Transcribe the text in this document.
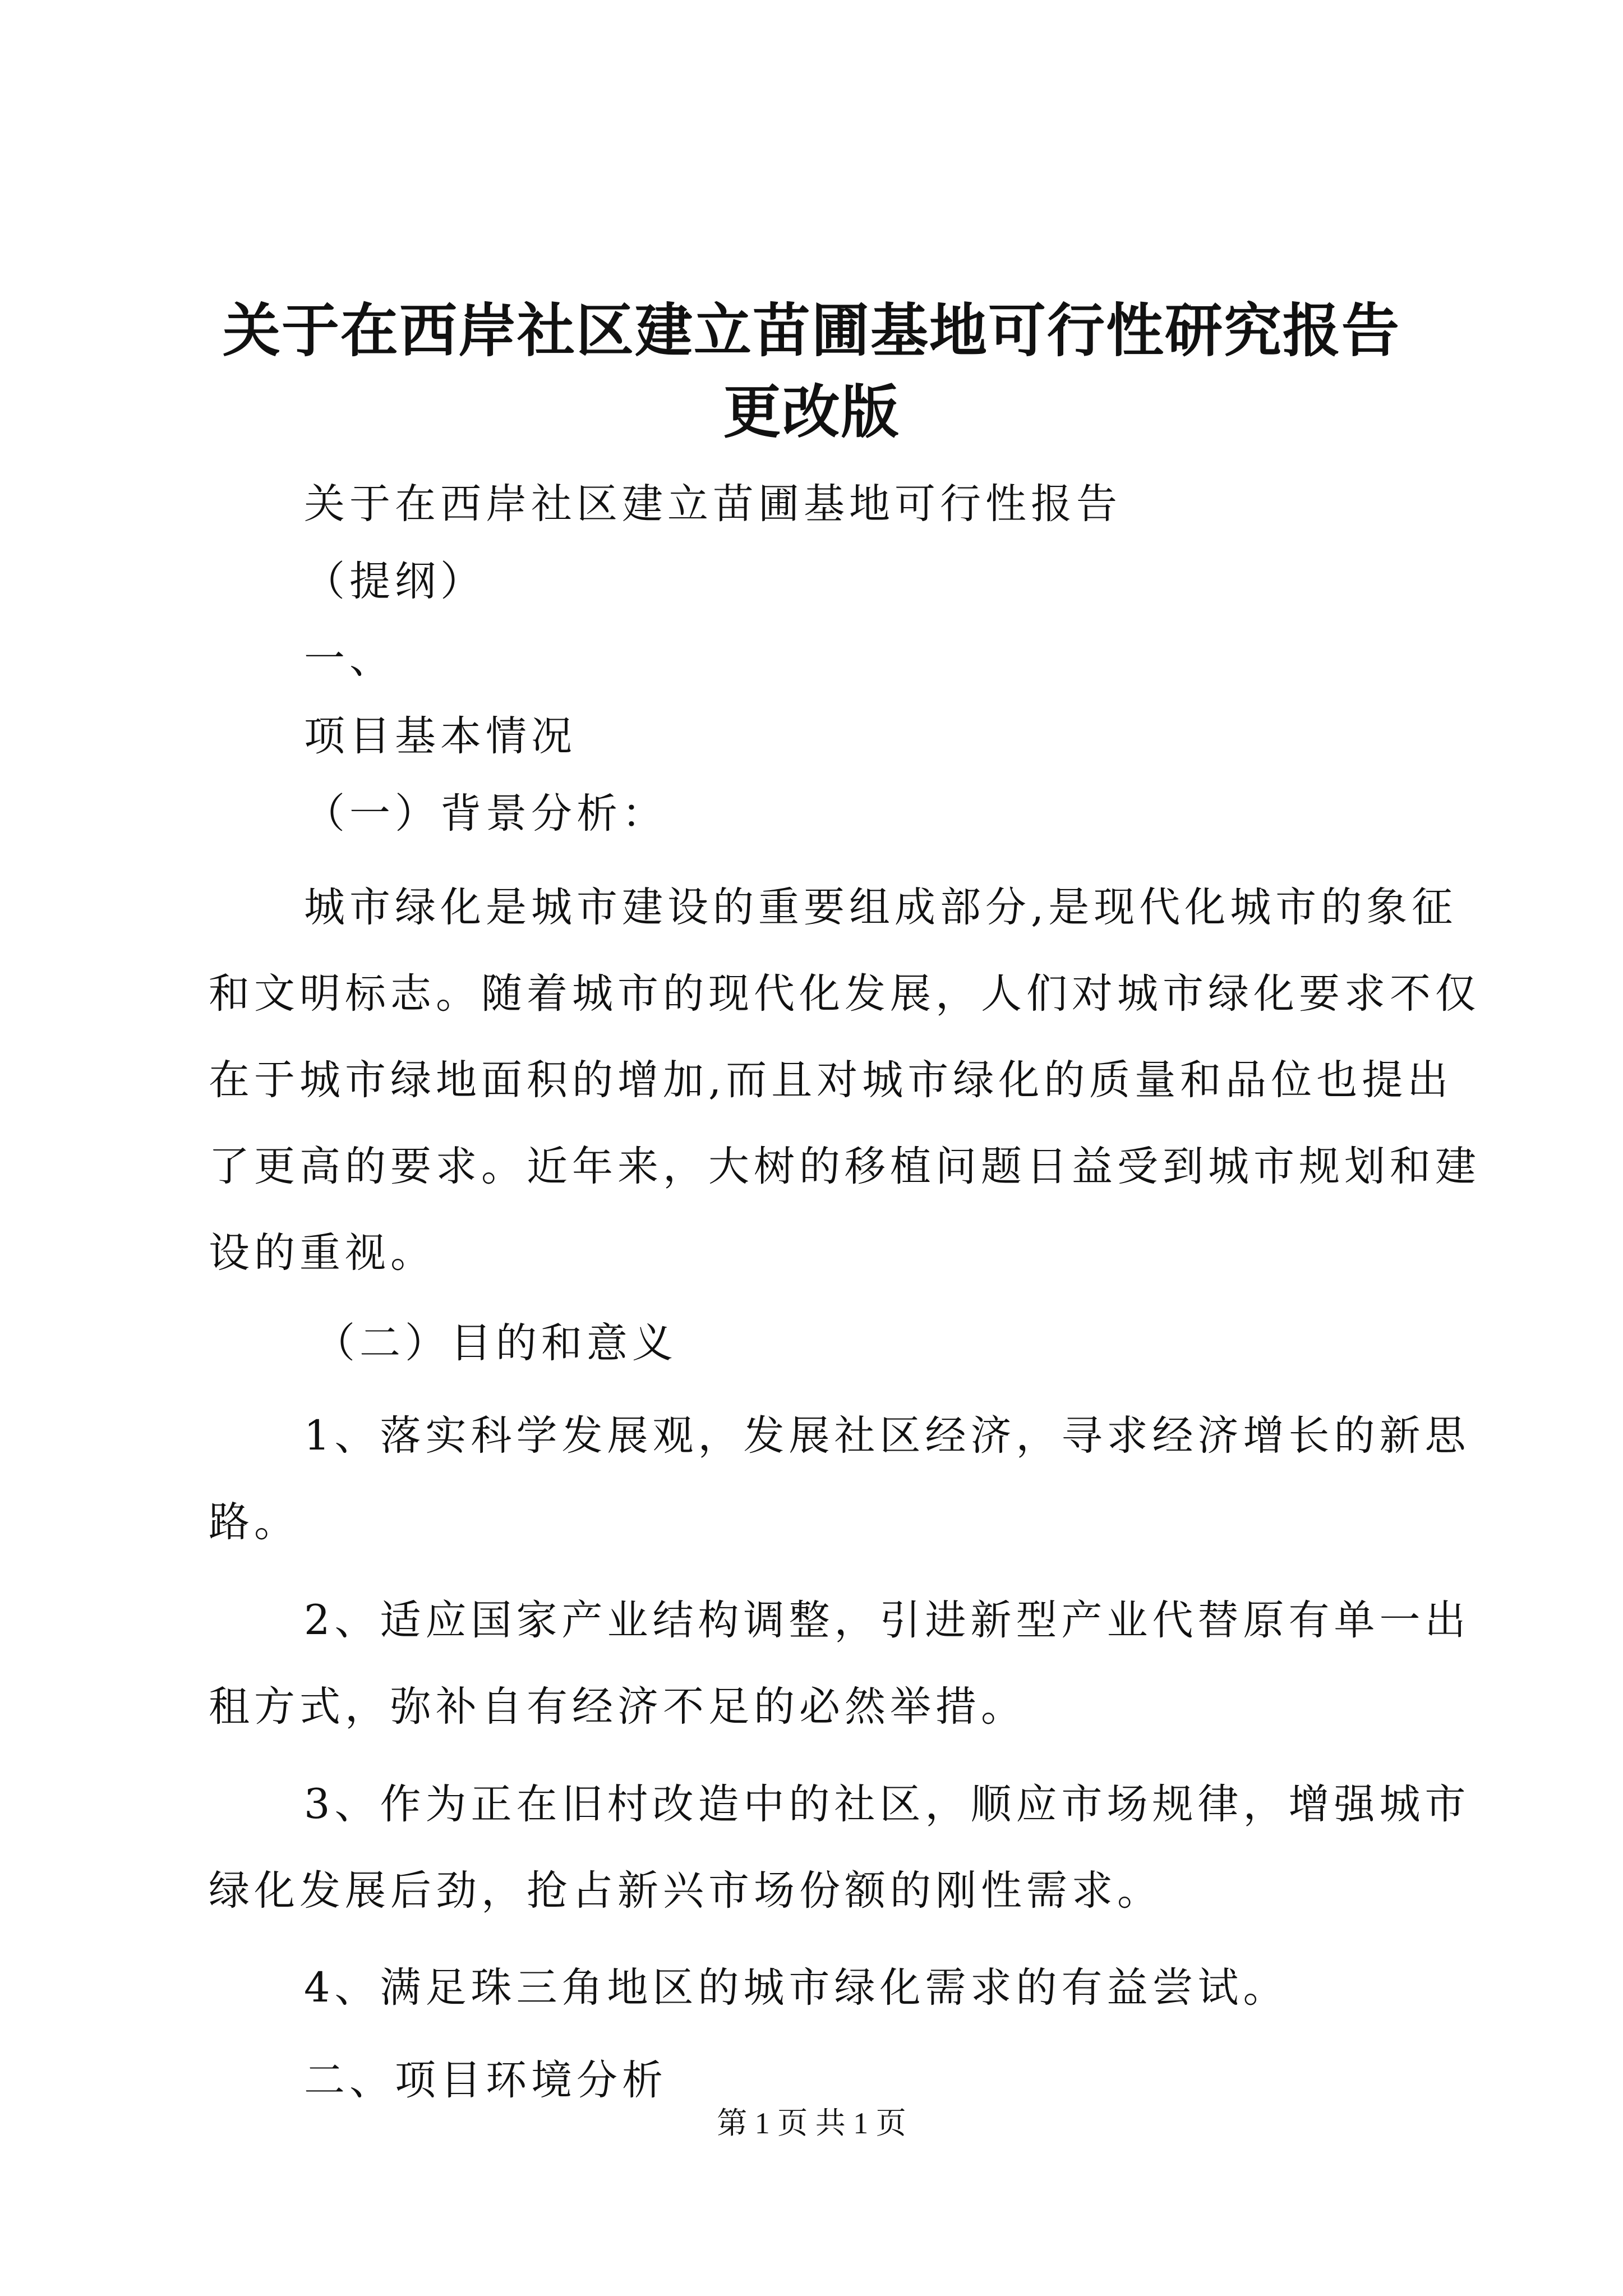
关于在西岸社区建立苗圃基地可行性研究报告
更改版
关于在西岸社区建立苗圃基地可行性报告
（提纲）
一、
项目基本情况
（一）背景分析：
城市绿化是城市建设的重要组成部分,是现代化城市的象征
和文明标志。随着城市的现代化发展，人们对城市绿化要求不仅
在于城市绿地面积的增加,而且对城市绿化的质量和品位也提出
了更高的要求。近年来，大树的移植问题日益受到城市规划和建
设的重视。
（二）目的和意义
1、落实科学发展观，发展社区经济，寻求经济增长的新思
路。
2、适应国家产业结构调整，引进新型产业代替原有单一出
租方式，弥补自有经济不足的必然举措。
3、作为正在旧村改造中的社区，顺应市场规律，增强城市
绿化发展后劲，抢占新兴市场份额的刚性需求。
4、满足珠三角地区的城市绿化需求的有益尝试。
二、项目环境分析
第 1 页 共 1 页
